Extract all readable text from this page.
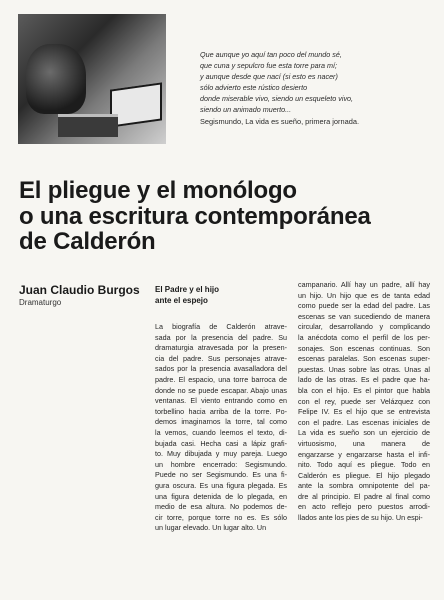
Que aunque yo aquí tan poco del mundo sé,
que cuna y sepulcro fue esta torre para mí;
y aunque desde que nací (si esto es nacer)
sólo advierto este rústico desierto
donde miserable vivo, siendo un esqueleto vivo,
siendo un animado muerto...
Segismundo, La vida es sueño, primera jornada.
El pliegue y el monólogo
o una escritura contemporánea
de Calderón
Juan Claudio Burgos
Dramaturgo
El Padre y el hijo
ante el espejo
La biografía de Calderón atrave-
sada por la presencia del padre. Su
dramaturgia atravesada por la presen-
cia del padre. Sus personajes atrave-
sados por la presencia avasalladora del
padre. El espacio, una torre barroca de
donde no se puede escapar. Abajo unas
ventanas. El viento entrando como en
torbellino hacia arriba de la torre. Po-
demos imaginarnos la torre, tal como
la vemos, cuando leemos el texto, di-
bujada casi. Hecha casi a lápiz grafi-
to. Muy dibujada y muy pareja. Luego
un hombre encerrado: Segismundo.
Puede no ser Segismundo. Es una fi-
gura oscura. Es una figura plegada. Es
una figura detenida de lo plegada, en
medio de esa altura. No podemos de-
cir torre, porque torre no es. Es sólo
un lugar elevado. Un lugar alto. Un
campanario. Allí hay un padre, allí hay
un hijo. Un hijo que es de tanta edad
como puede ser la edad del padre. Las
escenas se van sucediendo de manera
circular, desarrollando y complicando
la anécdota como el perfil de los per-
sonajes. Son escenas continuas. Son
escenas paralelas. Son escenas super-
puestas. Unas sobre las otras. Unas al
lado de las otras. Es el padre que ha-
bla con el hijo. Es el pintor que habla
con el rey, puede ser Velázquez con
Felipe IV. Es el hijo que se entrevista
con el padre. Las escenas iniciales de
La vida es sueño son un ejercicio de
virtuosismo, una manera de
engarzarse y engarzarse hasta el infi-
nito. Todo aquí es pliegue. Todo en
Calderón es pliegue. El hijo plegado
ante la sombra omnipotente del pa-
dre al principio. El padre al final como
en acto reflejo pero puestos arrodi-
llados ante los pies de su hijo. Un espi-
